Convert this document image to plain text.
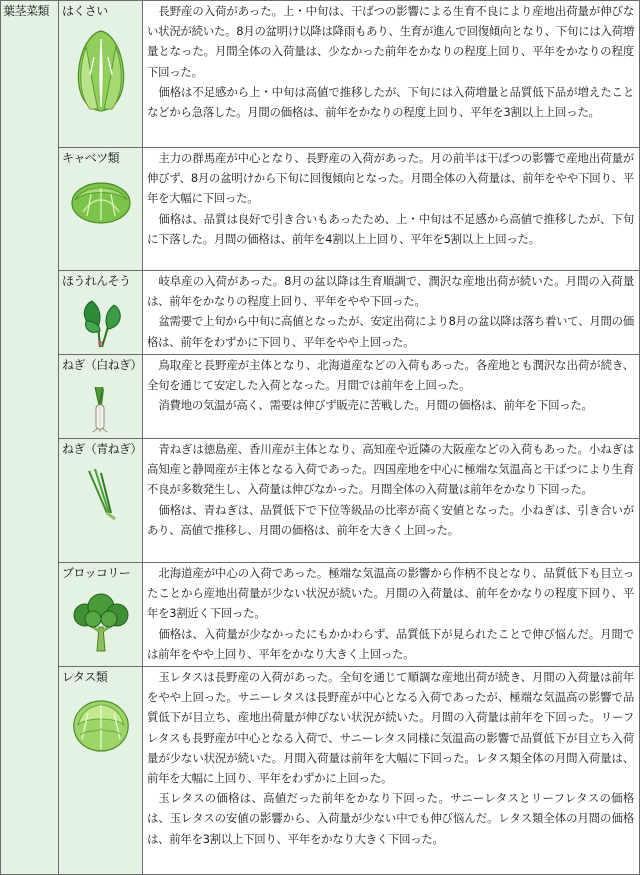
葉茎菜類	はくさい	長野産の入荷があった。上・中旬は、干ばつの影響による生育不良により産地出荷量が伸びない状況が続いた。8月の盆明け以降は降雨もあり、生育が進んで回復傾向となり、下旬には入荷増量となった。月間全体の入荷量は、少なかった前年をかなりの程度上回り、平年をかなりの程度下回った。

価格は不足感から上・中旬は高値で推移したが、下旬には入荷増量と品質低下品が増えたことなどから急落した。月間の価格は、前年をかなりの程度上回り、平年を3割以上上回った。

	キャベツ類	主力の群馬産が中心となり、長野産の入荷があった。月の前半は干ばつの影響で産地出荷量が伸びず、8月の盆明けから下旬に回復傾向となった。月間全体の入荷量は、前年をやや下回り、平年を大幅に下回った。

価格は、品質は良好で引き合いもあったため、上・中旬は不足感から高値で推移したが、下旬に下落した。月間の価格は、前年を4割以上上回り、平年を5割以上上回った。

	ほうれんそう	岐阜産の入荷があった。8月の盆以降は生育順調で、潤沢な産地出荷が続いた。月間の入荷量は、前年をかなりの程度上回り、平年をやや下回った。

盆需要で上旬から中旬に高値となったが、安定出荷により8月の盆以降は落ち着いて、月間の価格は、前年をわずかに下回り、平年をやや上回った。

	ねぎ（白ねぎ）	鳥取産と長野産が主体となり、北海道産などの入荷もあった。各産地とも潤沢な出荷が続き、全旬を通じて安定した入荷となった。月間では前年を上回った。

消費地の気温が高く、需要は伸びず販売に苦戦した。月間の価格は、前年を下回った。

	ねぎ（青ねぎ）	青ねぎは徳島産、香川産が主体となり、高知産や近隣の大阪産などの入荷もあった。小ねぎは高知産と静岡産が主体となる入荷であった。四国産地を中心に極端な気温高と干ばつにより生育不良が多数発生し、入荷量は伸びなかった。月間全体の入荷量は前年をかなり下回った。

価格は、青ねぎは、品質低下で下位等級品の比率が高く安値となった。小ねぎは、引き合いがあり、高値で推移し、月間の価格は、前年を大きく上回った。

	ブロッコリー	北海道産が中心の入荷であった。極端な気温高の影響から作柄不良となり、品質低下も目立ったことから産地出荷量が少ない状況が続いた。月間の入荷量は、前年をかなりの程度下回り、平年を3割近く下回った。

価格は、入荷量が少なかったにもかかわらず、品質低下が見られたことで伸び悩んだ。月間では前年をやや上回り、平年をかなり大きく上回った。

	レタス類	玉レタスは長野産の入荷があった。全旬を通じて順調な産地出荷が続き、月間の入荷量は前年をやや上回った。サニーレタスは長野産が中心となる入荷であったが、極端な気温高の影響で品質低下が目立ち、産地出荷量が伸びない状況が続いた。月間の入荷量は前年を下回った。リーフレタスも長野産が中心となる入荷で、サニーレタス同様に気温高の影響で品質低下が目立ち入荷量が少ない状況が続いた。月間入荷量は前年を大幅に下回った。レタス類全体の月間入荷量は、前年を大幅に上回り、平年をわずかに上回った。

玉レタスの価格は、高値だった前年をかなり下回った。サニーレタスとリーフレタスの価格は、玉レタスの安値の影響から、入荷量が少ない中でも伸び悩んだ。レタス類全体の月間の価格は、前年を3割以上下回り、平年をかなり大きく下回った。
